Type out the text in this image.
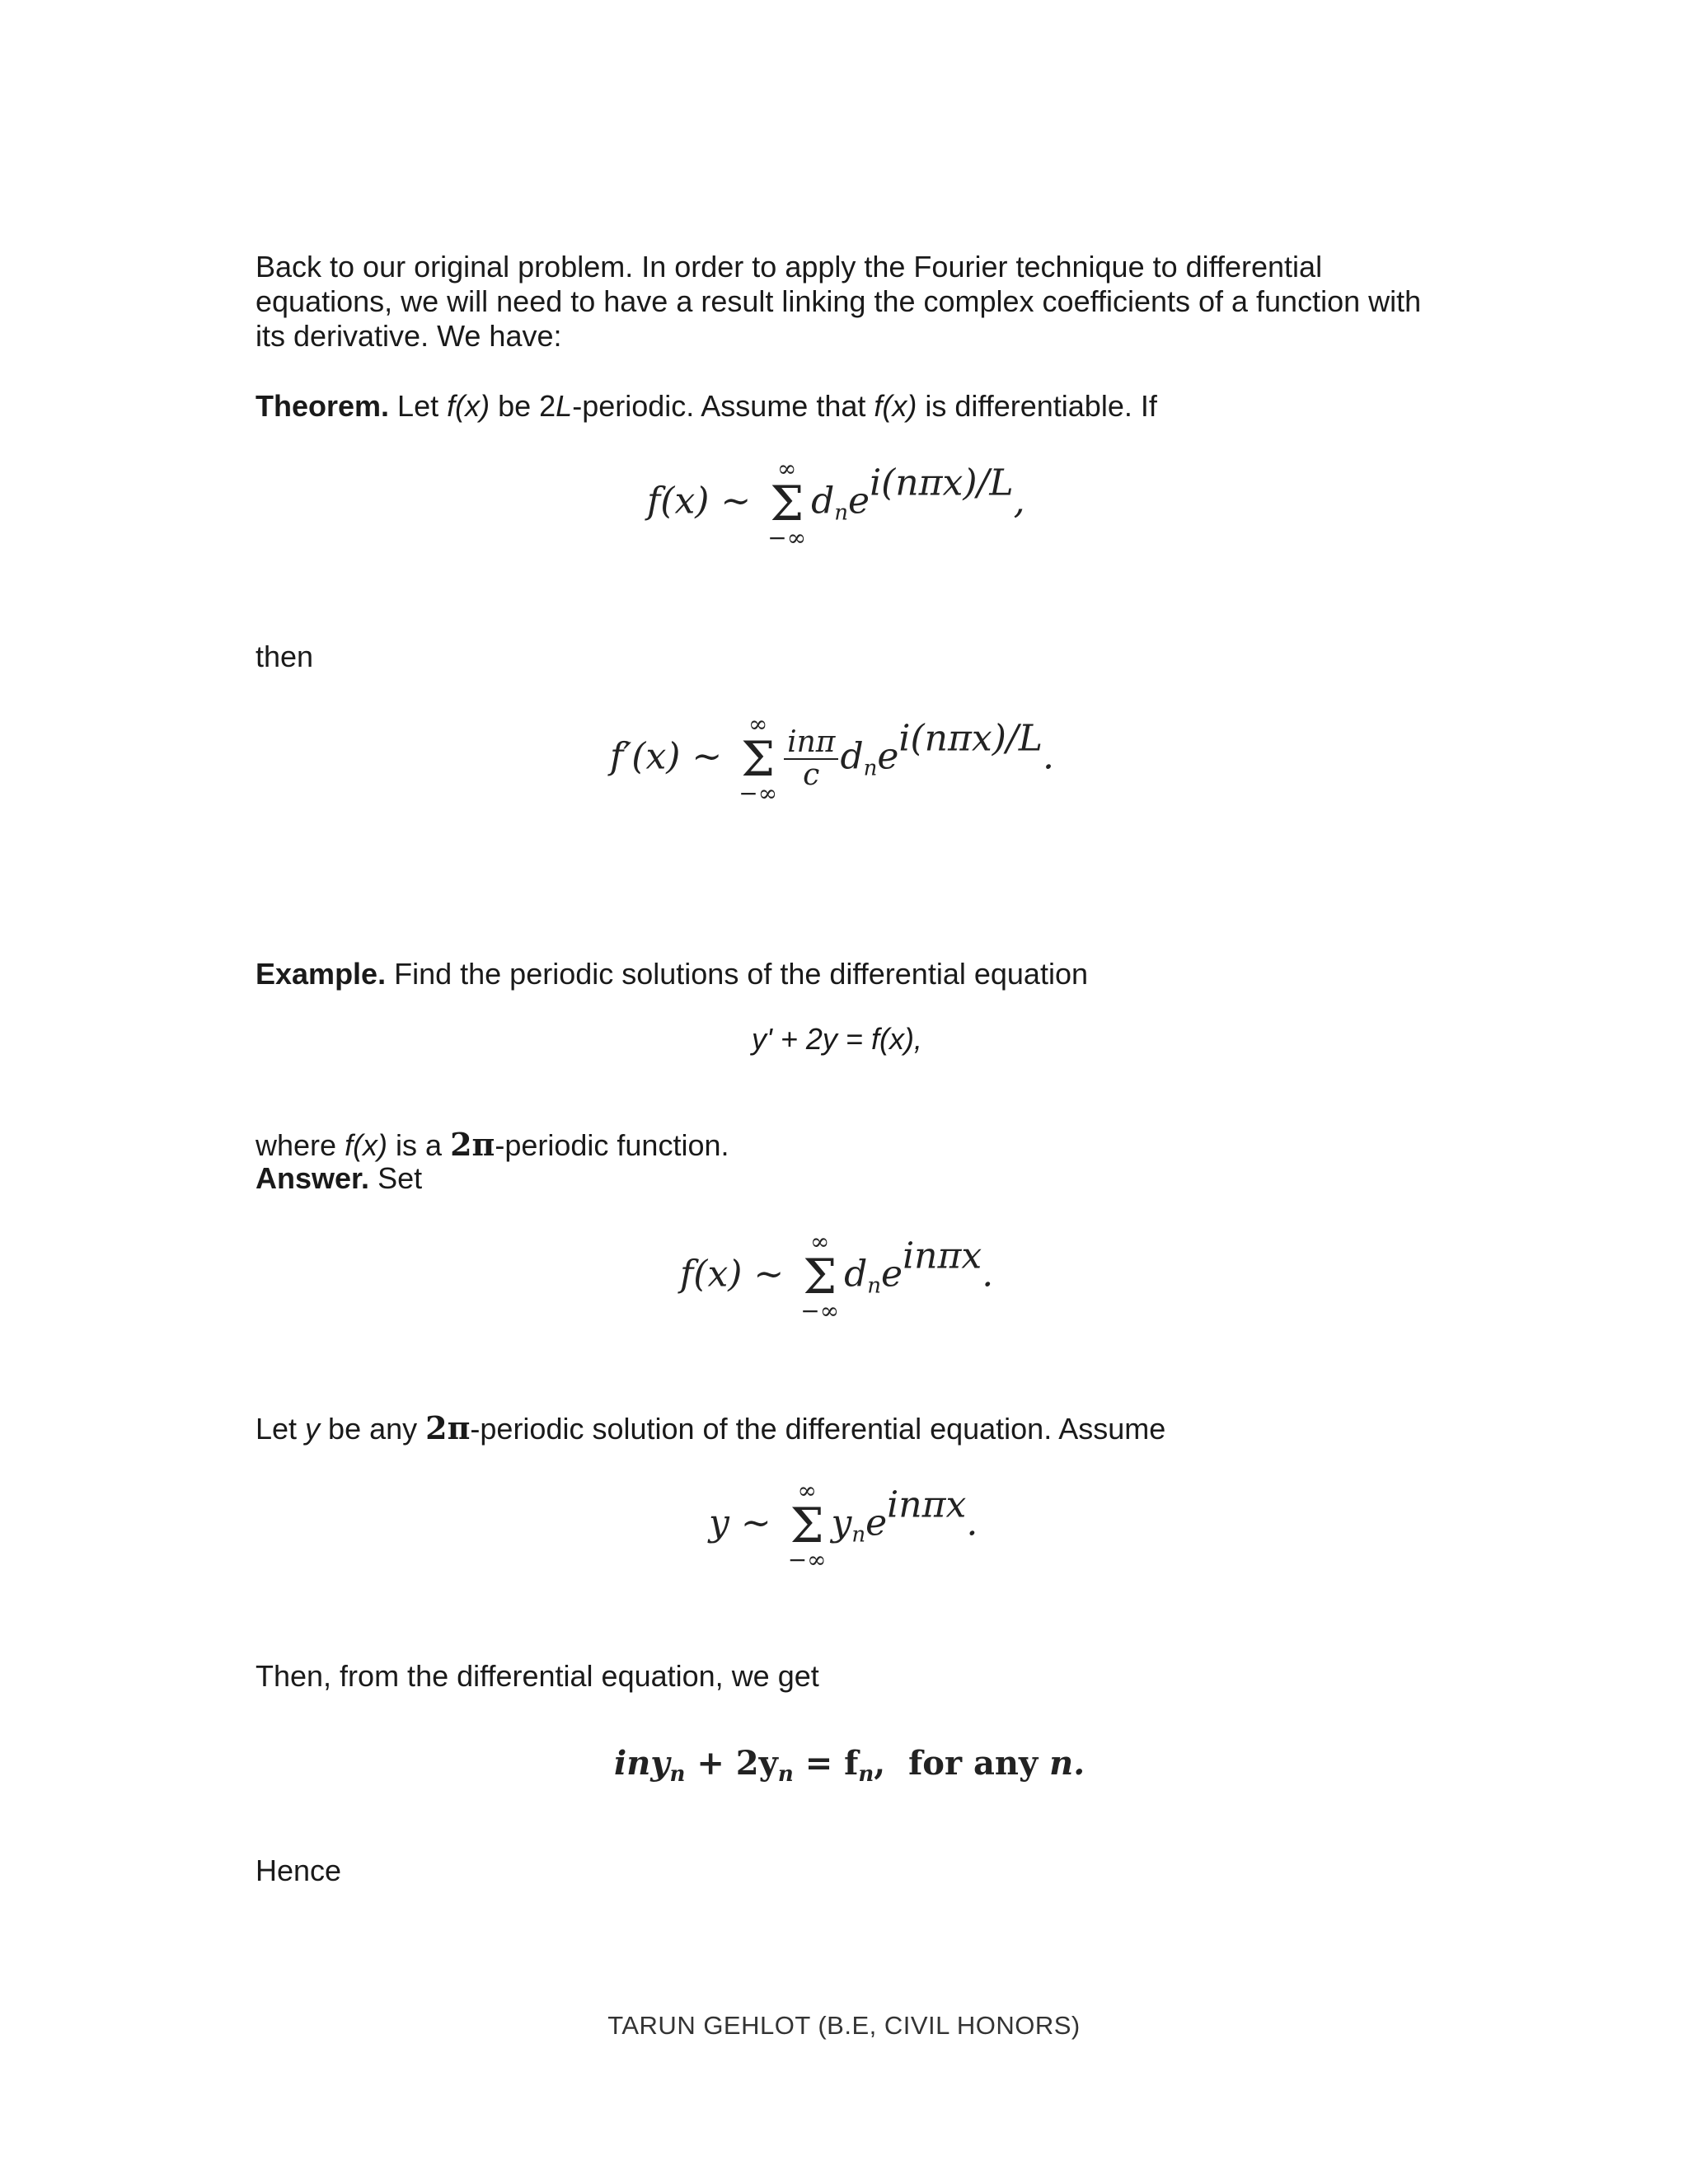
Back to our original problem. In order to apply the Fourier technique to differential equations, we will need to have a result linking the complex coefficients of a function with its derivative. We have:
Theorem. Let f(x) be 2L-periodic. Assume that f(x) is differentiable. If
f(x) ~
∞
Σ
−∞
$d_nei(n\pi x)/L$,
then
f′(x) ~
∞
Σ
−∞
$\frac{\text{inπ}}{c} d_nei(n\pi x)/L$.
Example. Find the periodic solutions of the differential equation
y' + 2y = f(x),
where f(x) is a 2π-periodic function.
Answer. Set
f(x) ~
∞
Σ
−∞
$d_nein\pi x$.
Let y be any 2π-periodic solution of the differential equation. Assume
y ~
∞
Σ
−∞
$y_nein\pi x$.
Then, from the differential equation, we get
$iny_n + 2y_n = f_n$, for any n.
Hence
TARUN GEHLOT (B.E, CIVIL HONORS)
